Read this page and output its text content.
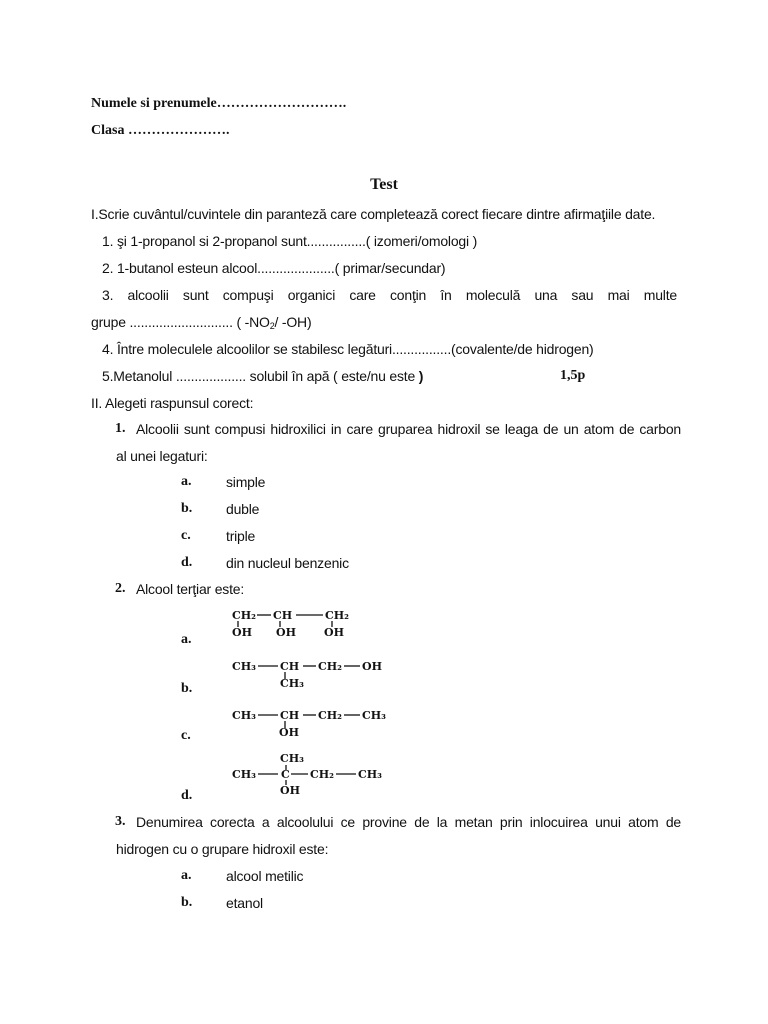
Numele si prenumele……………………….
Clasa ………………….
Test
I.Scrie cuvântul/cuvintele din paranteză care completează corect fiecare dintre afirmaţiile date.
1. şi 1-propanol si 2-propanol sunt................( izomeri/omologi )
2. 1-butanol esteun alcool.....................( primar/secundar)
3. alcoolii sunt compuşi organici care conţin în moleculă una sau mai multe
grupe ............................ ( $-NO_2/$ -OH)
4. Între moleculele alcoolilor se stabilesc legături................(covalente/de hidrogen)
5.Metanolul ................... solubil în apă ( este/nu este )	1,5p
II. Alegeti raspunsul corect:
1. Alcoolii sunt compusi hidroxilici in care gruparea hidroxil se leaga de un atom de carbon
al unei legaturi:
a. simple
b. duble
c.	triple
d. din nucleul benzenic
2. Alcool terţiar este:
a.
b.
c.
d.
CH₂ CH	CH₂
OH OH	OH
CH₃ CH CH₂ OH
CH₃
CH₃ CH CH₂ CH₃
OH
CH₃
CH₃ C CH₂ CH₃
OH
3. Denumirea corecta a alcoolului ce provine de la metan prin inlocuirea unui atom de
hidrogen cu o grupare hidroxil este:
a. alcool metilic
b. etanol
